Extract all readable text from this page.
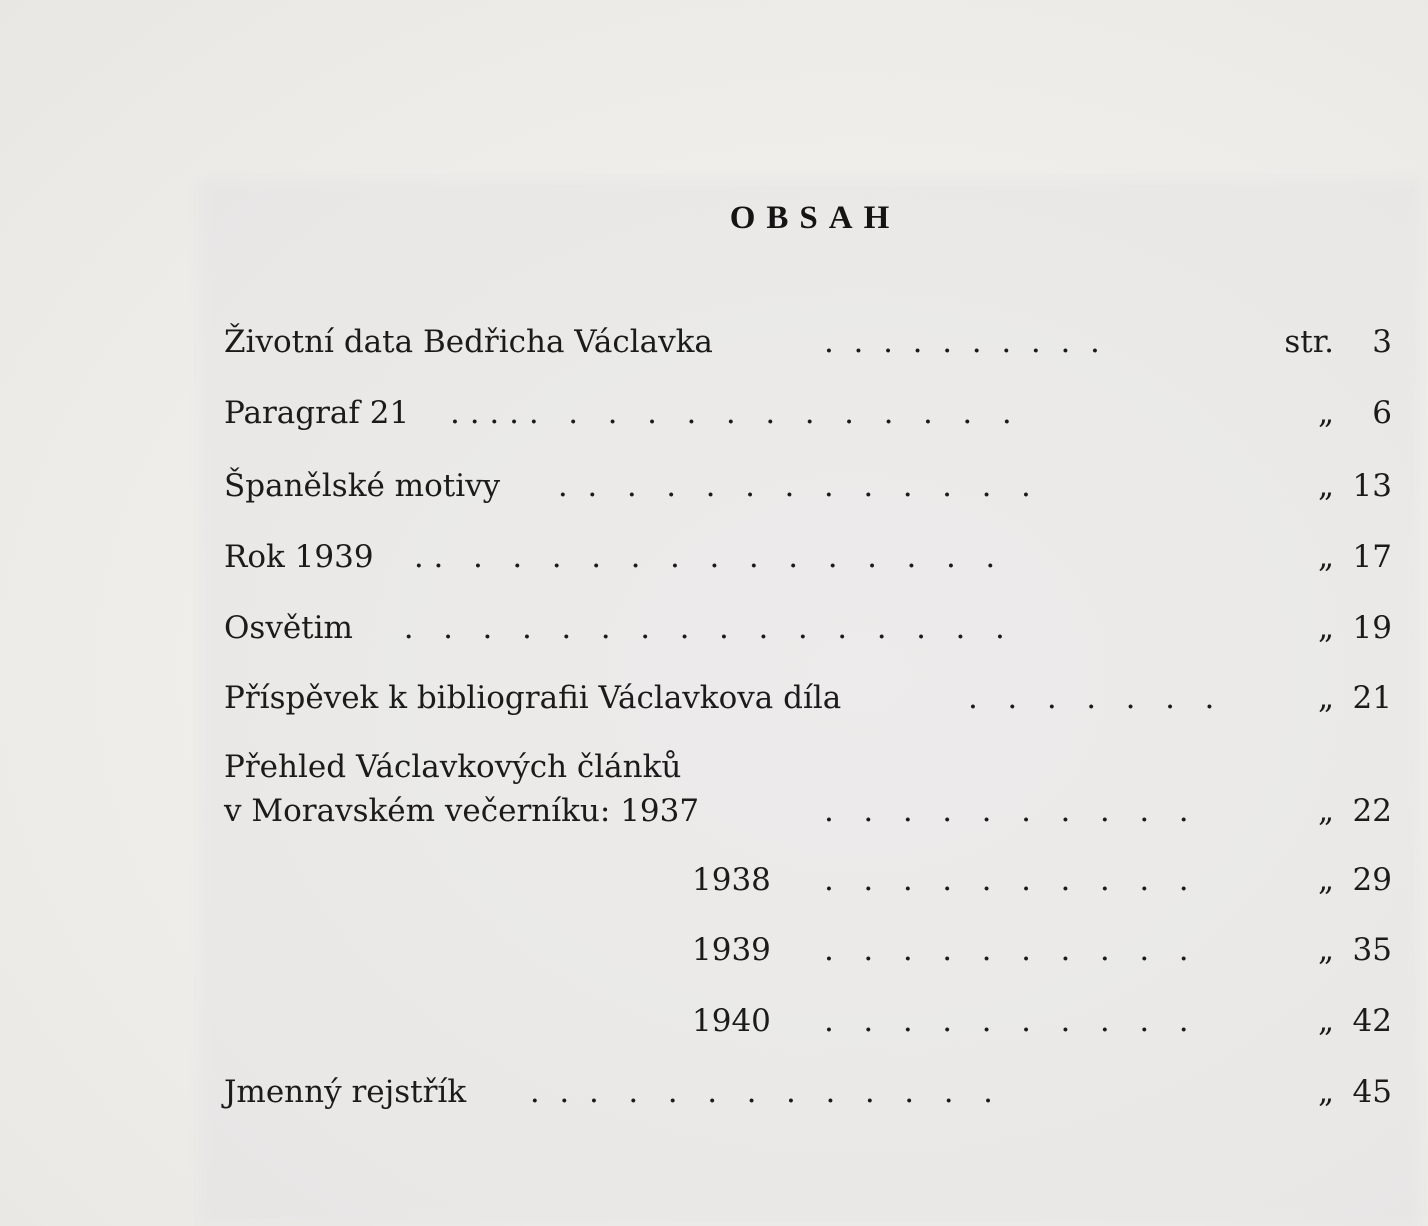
OBSAH
Životní data Bedřicha Václavka	.  .  .  .  .  .  .  .  .  .	str. 3
Paragraf 21 . . . . .   .   .   .   .   .   .   .   .   .   .   .   .	„ 6
Španělské motivy .  .   .   .   .   .   .   .   .   .   .   .   .	„ 13
Rok 1939 . .   .   .   .   .   .   .   .   .   .   .   .   .   .   .	„ 17
Osvětim .   .   .   .   .   .   .   .   .   .   .   .   .   .   .   .	„ 19
Příspěvek k bibliografii Václavkova díla	.   .   .   .   .   .   .	„ 21
Přehled Václavkových článků
v Moravském večerníku: 1937	.   .   .   .   .   .   .   .   .   .	„ 22
1938 .   .   .   .   .   .   .   .   .   .	„ 29
1939 .   .   .   .   .   .   .   .   .   .	„ 35
1940 .   .   .   .   .   .   .   .   .   .	„ 42
Jmenný rejstřík .  .  .   .   .   .   .   .   .   .   .   .   .	„ 45
